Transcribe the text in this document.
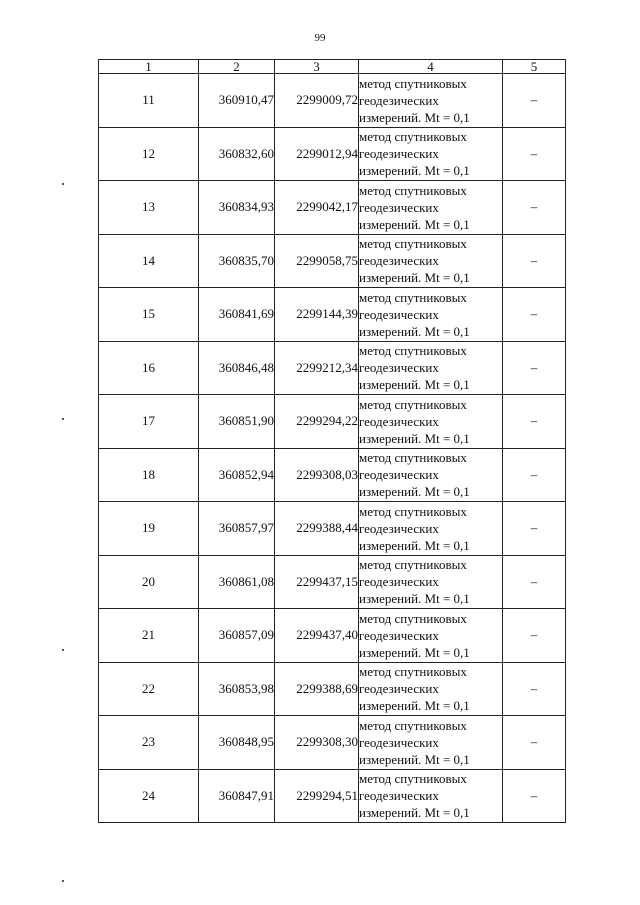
99
1	2	3	4	5
11	360910,47	2299009,72	метод спутниковых
геодезических
измерений. Mt = 0,1	–
12	360832,60	2299012,94	метод спутниковых
геодезических
измерений. Mt = 0,1	–
13	360834,93	2299042,17	метод спутниковых
геодезических
измерений. Mt = 0,1	–
14	360835,70	2299058,75	метод спутниковых
геодезических
измерений. Mt = 0,1	–
15	360841,69	2299144,39	метод спутниковых
геодезических
измерений. Mt = 0,1	–
16	360846,48	2299212,34	метод спутниковых
геодезических
измерений. Mt = 0,1	–
17	360851,90	2299294,22	метод спутниковых
геодезических
измерений. Mt = 0,1	–
18	360852,94	2299308,03	метод спутниковых
геодезических
измерений. Mt = 0,1	–
19	360857,97	2299388,44	метод спутниковых
геодезических
измерений. Mt = 0,1	–
20	360861,08	2299437,15	метод спутниковых
геодезических
измерений. Mt = 0,1	–
21	360857,09	2299437,40	метод спутниковых
геодезических
измерений. Mt = 0,1	–
22	360853,98	2299388,69	метод спутниковых
геодезических
измерений. Mt = 0,1	–
23	360848,95	2299308,30	метод спутниковых
геодезических
измерений. Mt = 0,1	–
24	360847,91	2299294,51	метод спутниковых
геодезических
измерений. Mt = 0,1	–
